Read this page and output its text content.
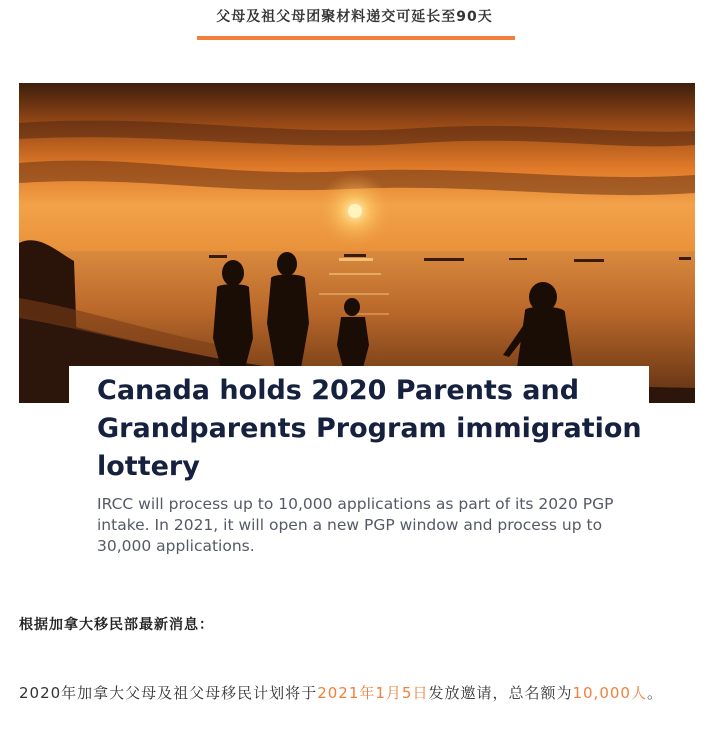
父母及祖父母团聚材料递交可延长至90天
Canada holds 2020 Parents and Grandparents Program immigration lottery

IRCC will process up to 10,000 applications as part of its 2020 PGP intake. In 2021, it will open a new PGP window and process up to 30,000 applications.

根据加拿大移民部最新消息：
2020年加拿大父母及祖父母移民计划将于2021年1月5日发放邀请，总名额为10,000人。
